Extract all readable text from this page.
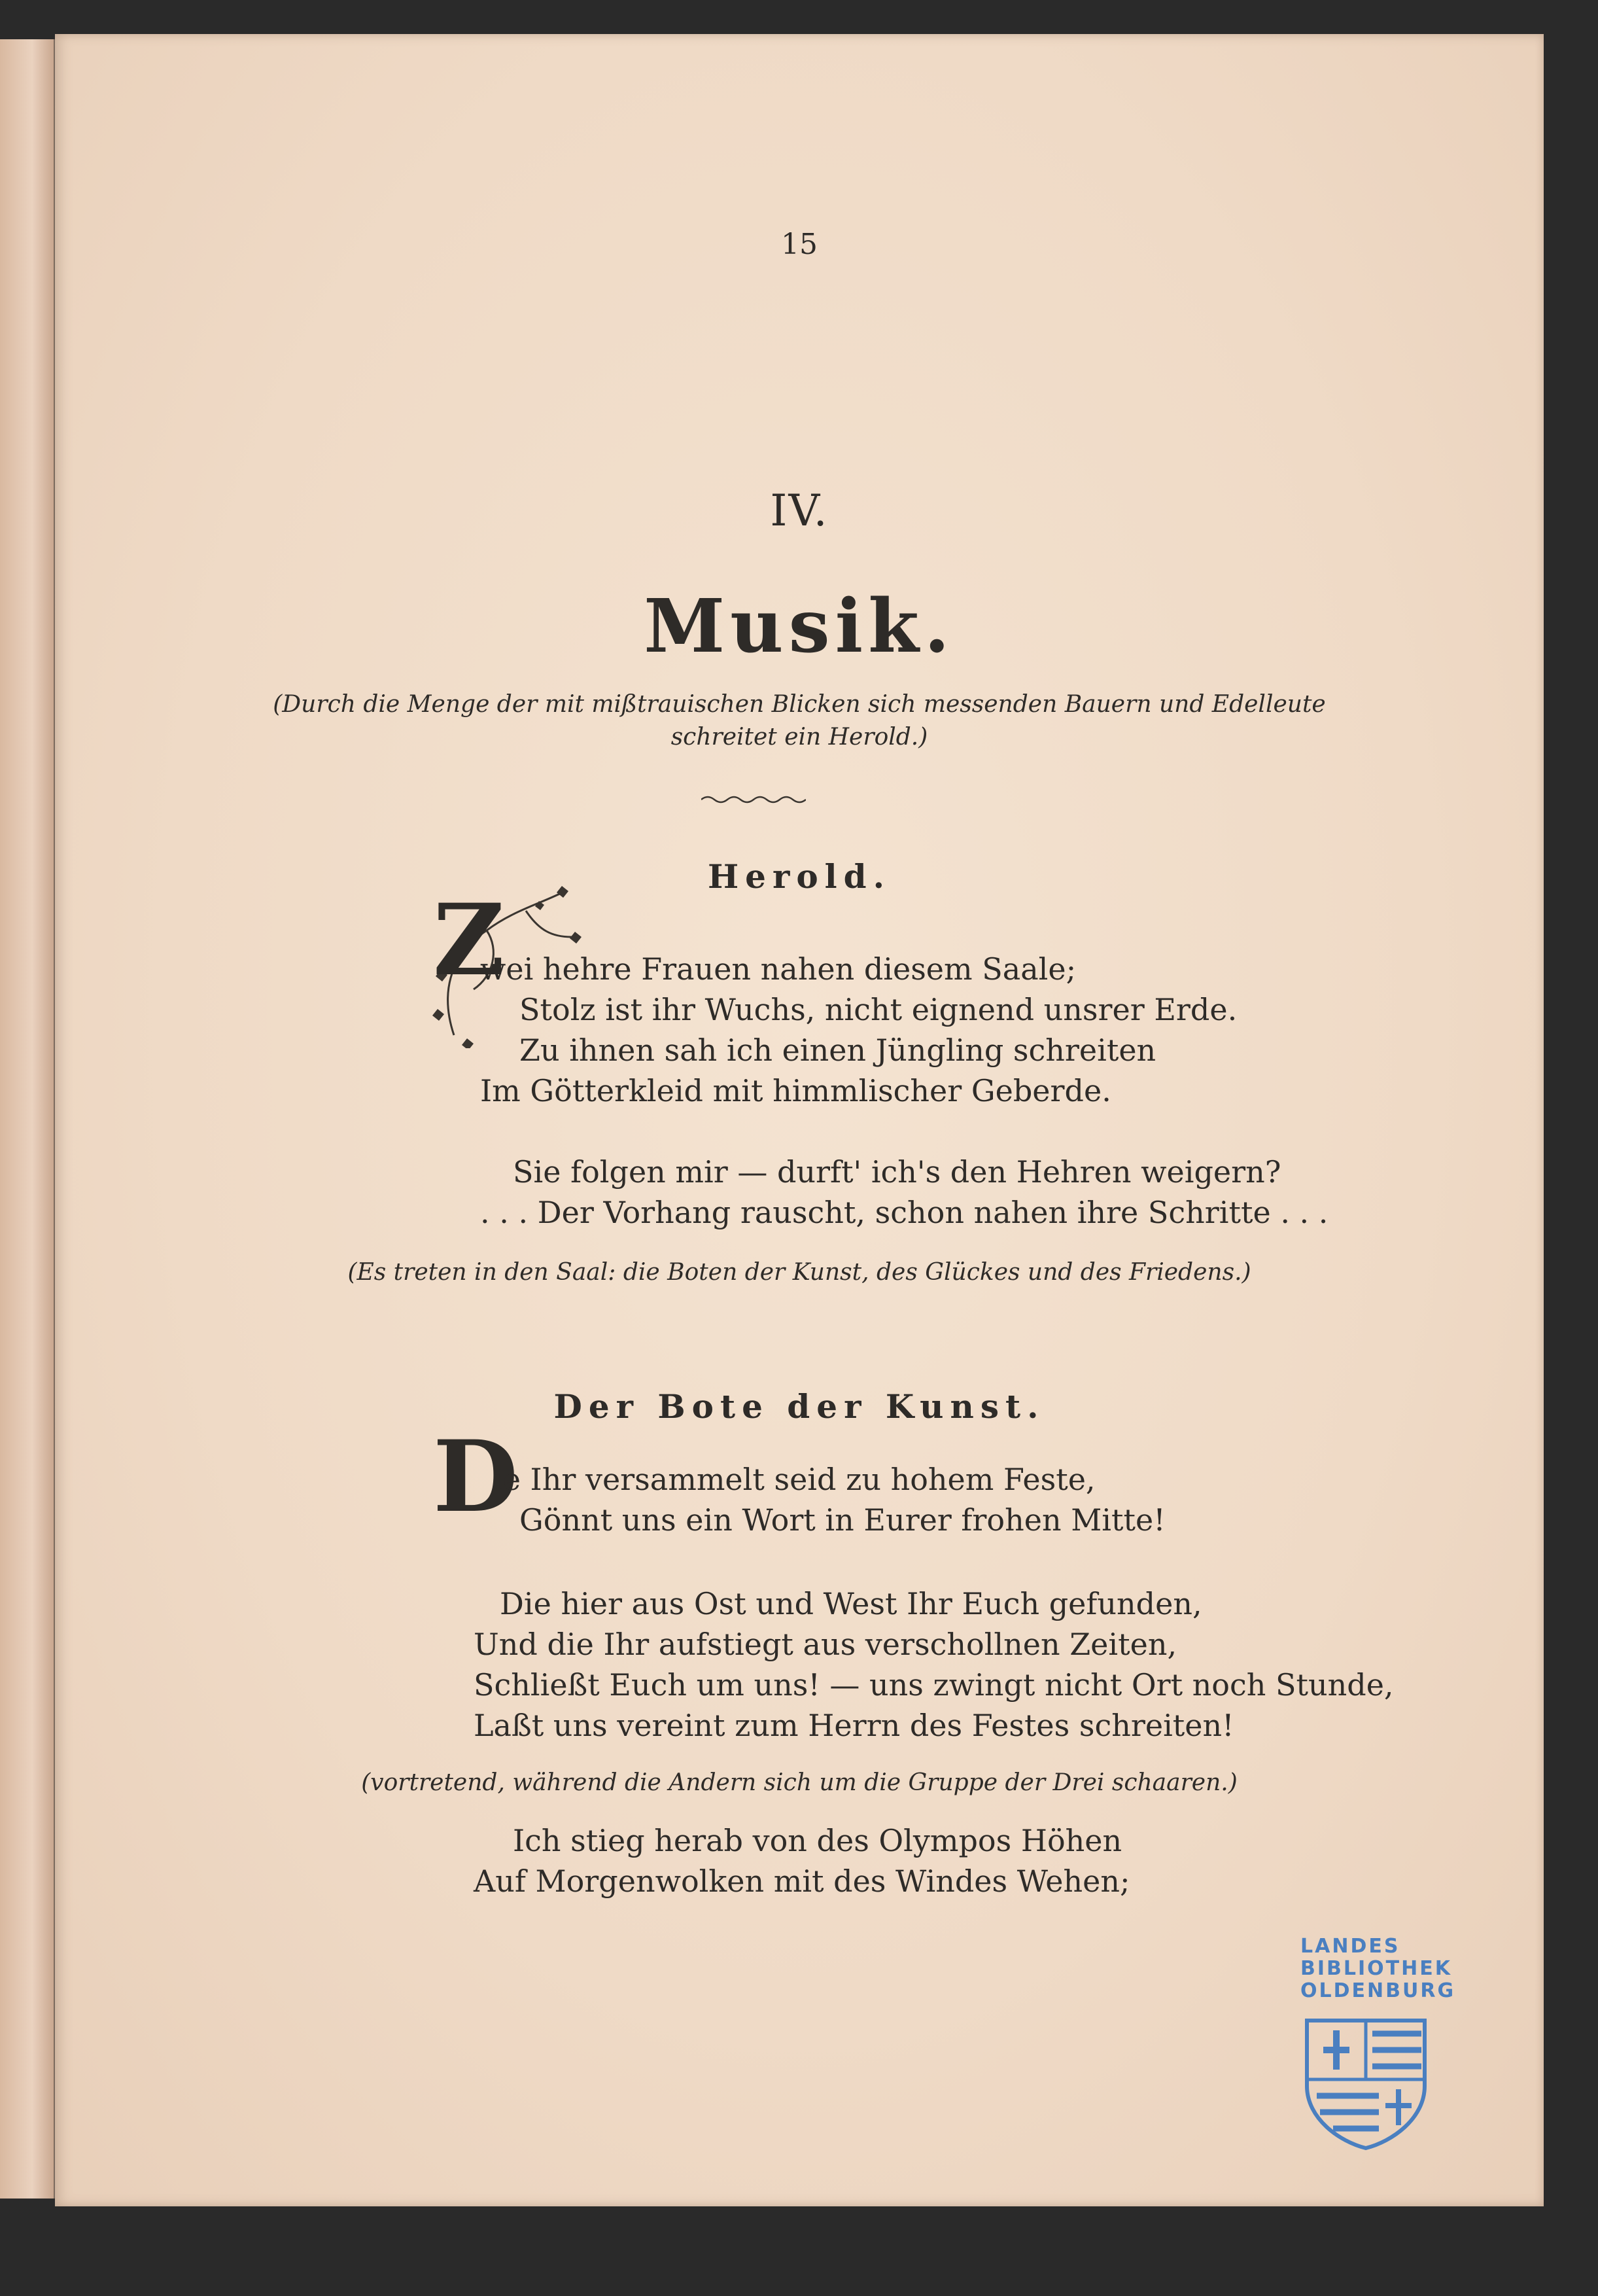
15
IV.
Musik.
(Durch die Menge der mit mißtrauischen Blicken sich messenden Bauern und Edelleute
schreitet ein Herold.)
Herold.
Z
wei hehre Frauen nahen diesem Saale;
Stolz ist ihr Wuchs, nicht eignend unsrer Erde.
Zu ihnen sah ich einen Jüngling schreiten
Im Götterkleid mit himmlischer Geberde.
Sie folgen mir — durft' ich's den Hehren weigern?
. . . Der Vorhang rauscht, schon nahen ihre Schritte . . .
(Es treten in den Saal: die Boten der Kunst, des Glückes und des Friedens.)
Der Bote der Kunst.
D
ie Ihr versammelt seid zu hohem Feste,
Gönnt uns ein Wort in Eurer frohen Mitte!
Die hier aus Ost und West Ihr Euch gefunden,
Und die Ihr aufstiegt aus verschollnen Zeiten,
Schließt Euch um uns! — uns zwingt nicht Ort noch Stunde,
Laßt uns vereint zum Herrn des Festes schreiten!
(vortretend, während die Andern sich um die Gruppe der Drei schaaren.)
Ich stieg herab von des Olympos Höhen
Auf Morgenwolken mit des Windes Wehen;
LANDES
BIBLIOTHEK
OLDENBURG
